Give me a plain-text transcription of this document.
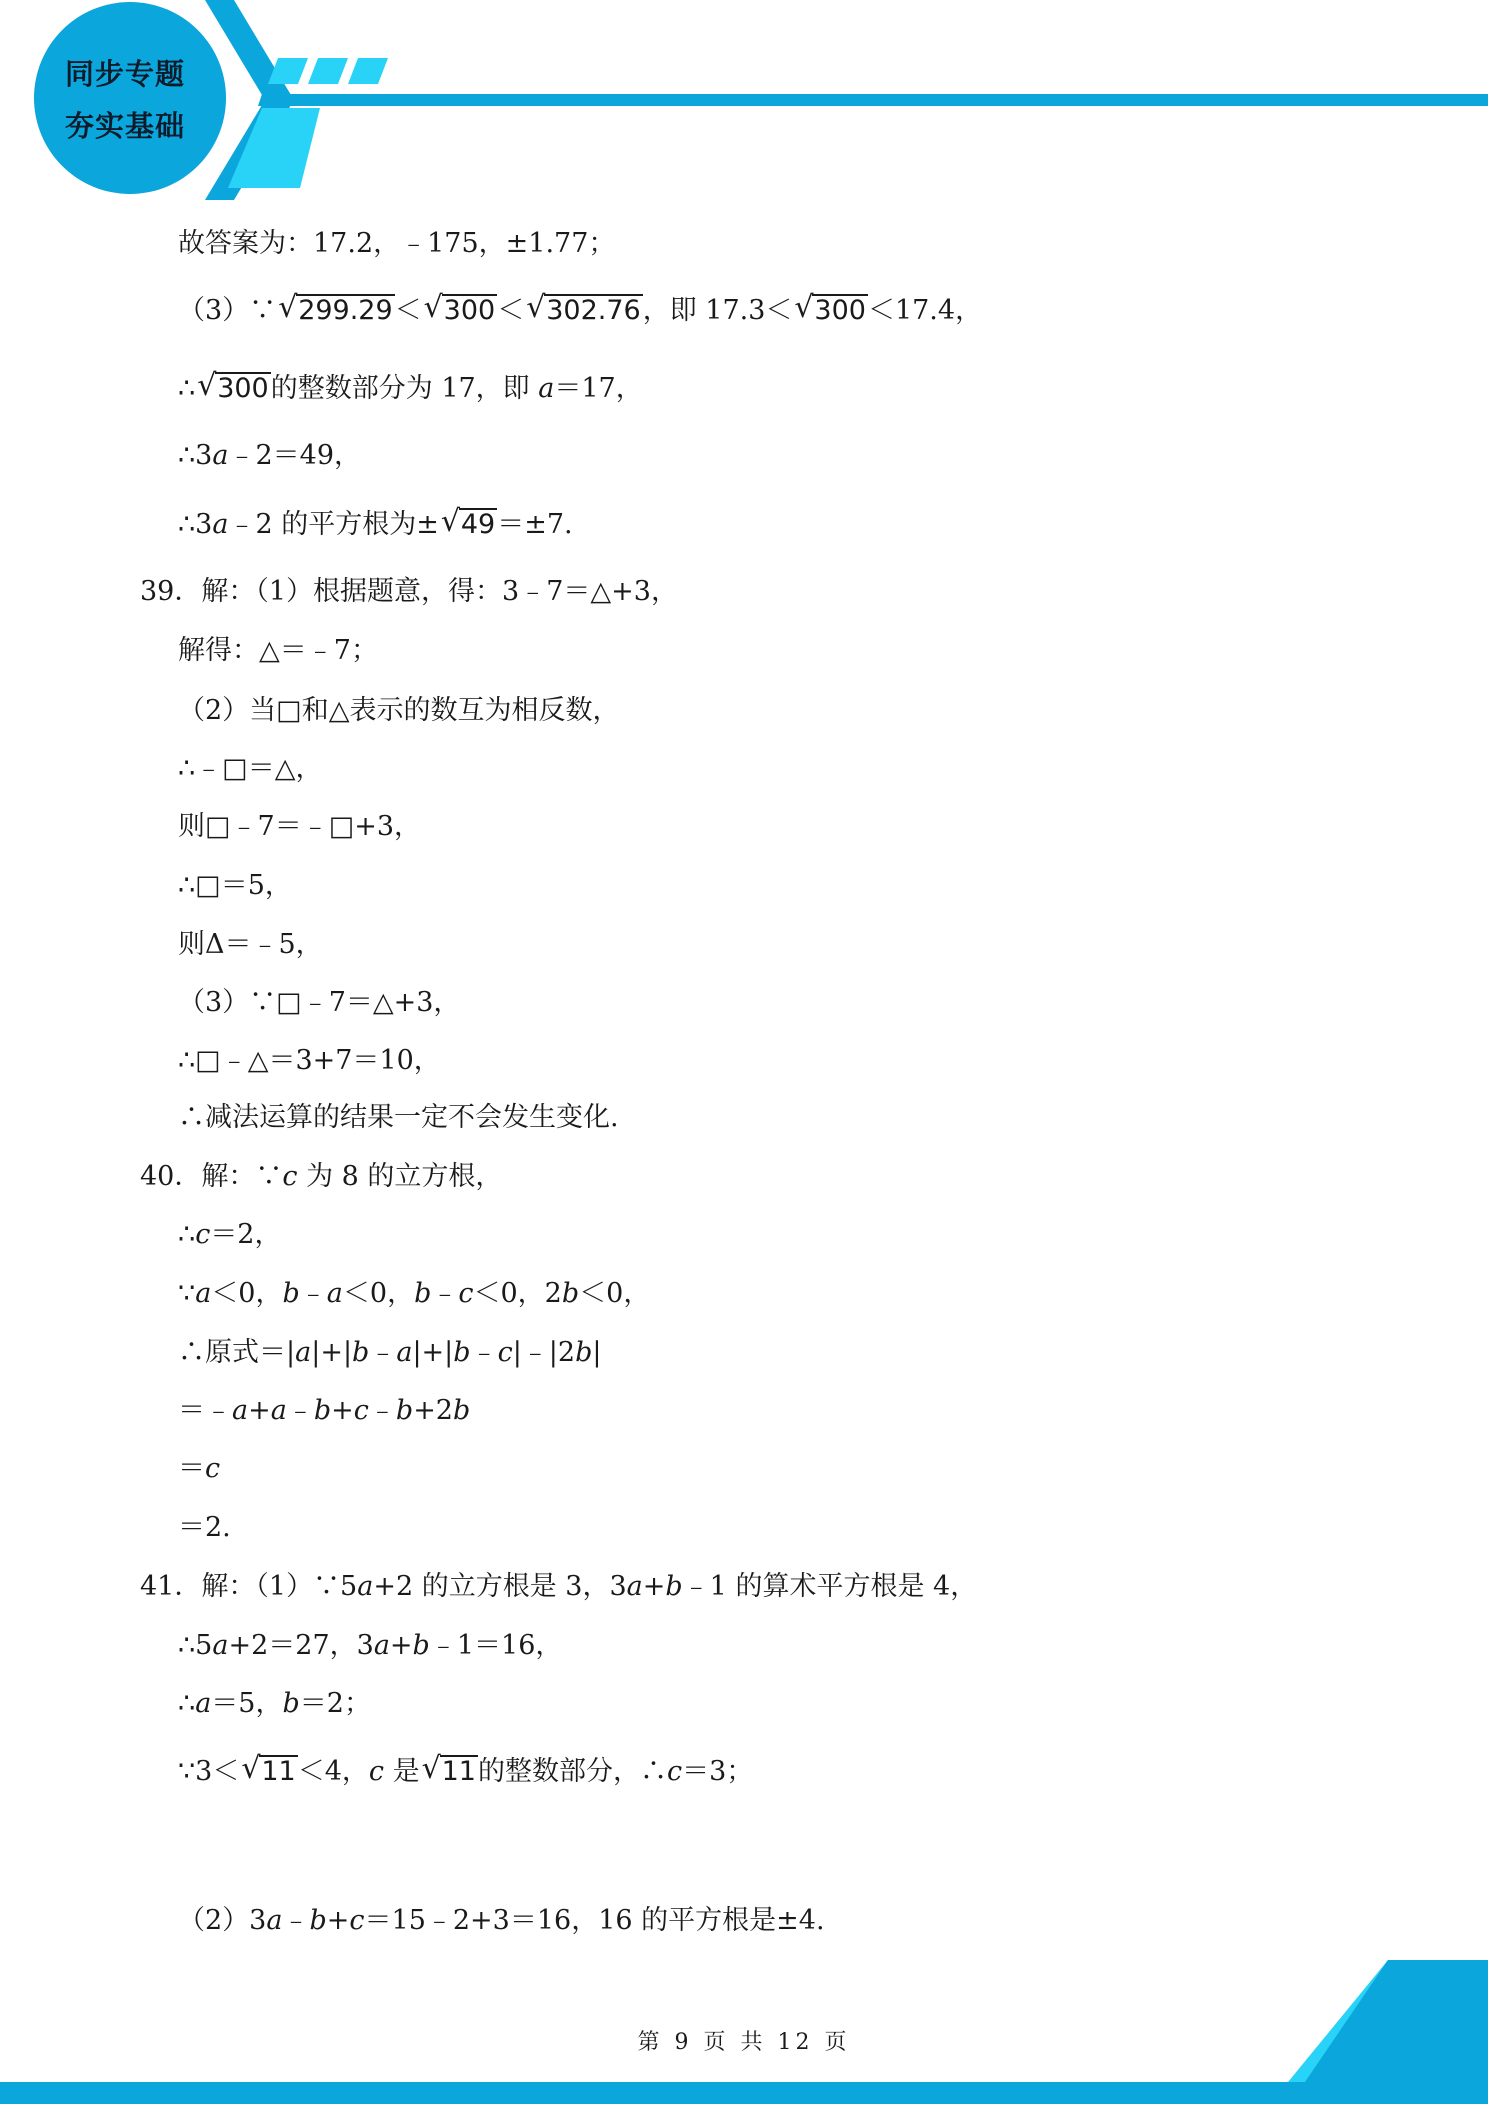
同步专题
夯实基础
故答案为：17.2，﹣175，±1.77；
（3）∵ √ 299.29＜ √ 300＜ √ 302.76，即 17.3＜ √ 300＜17.4，
∴ √ 300的整数部分为 17，即 a＝17，
∴3a﹣2＝49，
∴3a﹣2 的平方根为± √ 49＝±7.
39．解：（1）根据题意，得：3﹣7＝△+3，
解得：△＝﹣7；
（2）当□和△表示的数互为相反数，
∴﹣□＝△，
则□﹣7＝﹣□+3，
∴□＝5，
则Δ＝﹣5，
（3）∵□﹣7＝△+3，
∴□﹣△＝3+7＝10，
∴减法运算的结果一定不会发生变化.
40．解：∵c 为 8 的立方根，
∴c＝2，
∵a＜0，b﹣a＜0，b﹣c＜0，2b＜0，
∴原式＝|a|+|b﹣a|+|b﹣c|﹣|2b|
＝﹣a+a﹣b+c﹣b+2b
＝c
＝2.
41．解：（1）∵5a+2 的立方根是 3，3a+b﹣1 的算术平方根是 4，
∴5a+2＝27，3a+b﹣1＝16，
∴a＝5，b＝2；
∵3＜ √ 11＜4，c 是 √ 11的整数部分，∴c＝3；
（2）3a﹣b+c＝15﹣2+3＝16，16 的平方根是±4.
第 9 页 共 12 页
